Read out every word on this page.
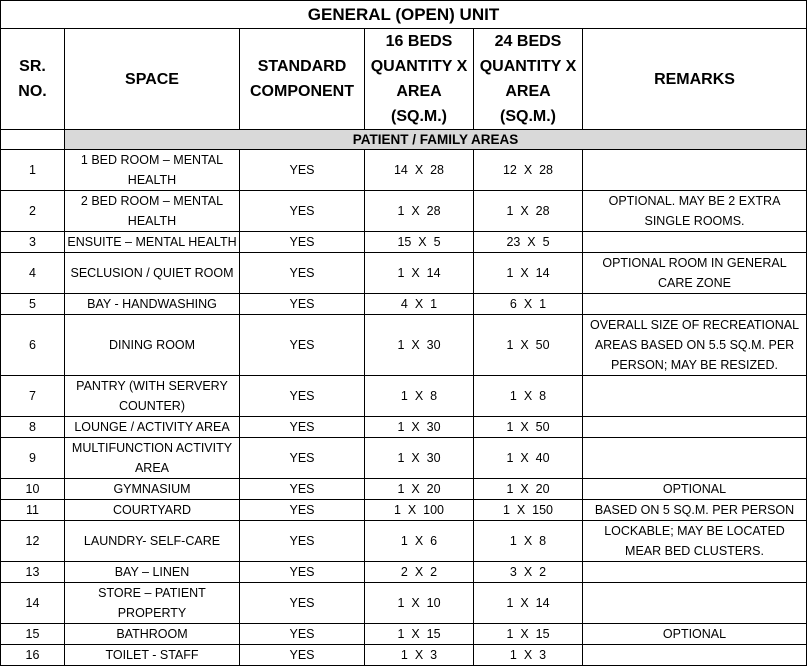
GENERAL (OPEN) UNIT					
SR. NO.	SPACE	STANDARD COMPONENT	16 BEDS QUANTITY X AREA (SQ.M.)	24 BEDS QUANTITY X AREA (SQ.M.)	REMARKS
	PATIENT / FAMILY AREAS				
1	1 BED ROOM – MENTAL HEALTH	YES	14  X  28	12  X  28	
2	2 BED ROOM – MENTAL HEALTH	YES	1  X  28	1  X  28	OPTIONAL. MAY BE 2 EXTRA SINGLE ROOMS.
3	ENSUITE – MENTAL HEALTH	YES	15  X  5	23  X  5	
4	SECLUSION / QUIET ROOM	YES	1  X  14	1  X  14	OPTIONAL ROOM IN GENERAL CARE ZONE
5	BAY - HANDWASHING	YES	4  X  1	6  X  1	
6	DINING ROOM	YES	1  X  30	1  X  50	OVERALL SIZE OF RECREATIONAL AREAS BASED ON 5.5 SQ.M. PER PERSON; MAY BE RESIZED.
7	PANTRY (WITH SERVERY COUNTER)	YES	1  X  8	1  X  8	
8	LOUNGE / ACTIVITY AREA	YES	1  X  30	1  X  50	
9	MULTIFUNCTION ACTIVITY AREA	YES	1  X  30	1  X  40	
10	GYMNASIUM	YES	1  X  20	1  X  20	OPTIONAL
11	COURTYARD	YES	1  X  100	1  X  150	BASED ON 5 SQ.M. PER PERSON
12	LAUNDRY- SELF-CARE	YES	1  X  6	1  X  8	LOCKABLE; MAY BE LOCATED MEAR BED CLUSTERS.
13	BAY – LINEN	YES	2  X  2	3  X  2	
14	STORE – PATIENT PROPERTY	YES	1  X  10	1  X  14	
15	BATHROOM	YES	1  X  15	1  X  15	OPTIONAL
16	TOILET - STAFF	YES	1  X  3	1  X  3	
